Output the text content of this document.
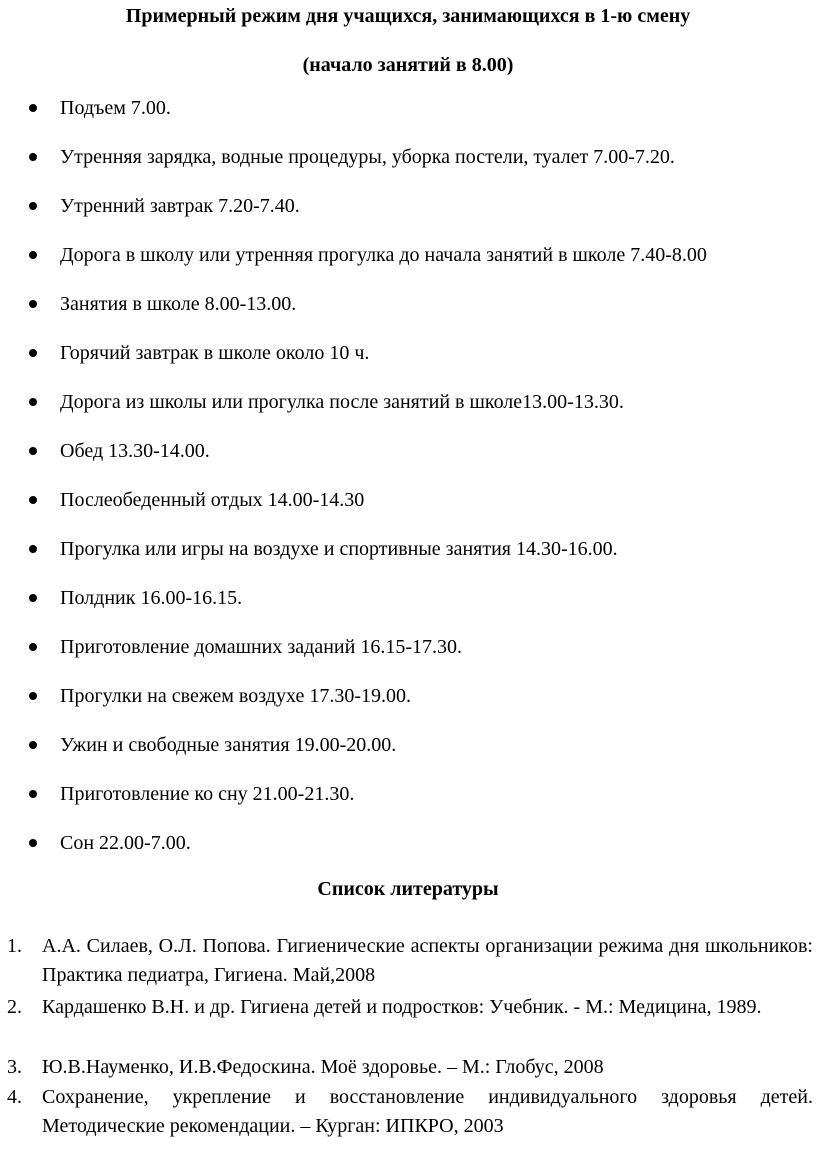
Примерный режим дня учащихся, занимающихся в 1-ю смену
(начало занятий в 8.00)
Подъем 7.00.
Утренняя зарядка, водные процедуры, уборка постели, туалет 7.00-7.20.
Утренний завтрак 7.20-7.40.
Дорога в школу или утренняя прогулка до начала занятий в школе 7.40-8.00
Занятия в школе 8.00-13.00.
Горячий завтрак в школе около 10 ч.
Дорога из школы или прогулка после занятий в школе13.00-13.30.
Обед 13.30-14.00.
Послеобеденный отдых 14.00-14.30
Прогулка или игры на воздухе и спортивные занятия 14.30-16.00.
Полдник 16.00-16.15.
Приготовление домашних заданий 16.15-17.30.
Прогулки на свежем воздухе 17.30-19.00.
Ужин и свободные занятия 19.00-20.00.
Приготовление ко сну 21.00-21.30.
Сон 22.00-7.00.
Список литературы
1. А.А. Силаев, О.Л. Попова. Гигиенические аспекты организации режима дня школьников: Практика педиатра, Гигиена. Май,2008
2. Кардашенко В.Н. и др. Гигиена детей и подростков: Учебник. - М.: Медицина, 1989.
3. Ю.В.Науменко, И.В.Федоскина. Моё здоровье. – М.: Глобус, 2008
4. Сохранение, укрепление и восстановление индивидуального здоровья детей. Методические рекомендации. – Курган: ИПКРО, 2003
